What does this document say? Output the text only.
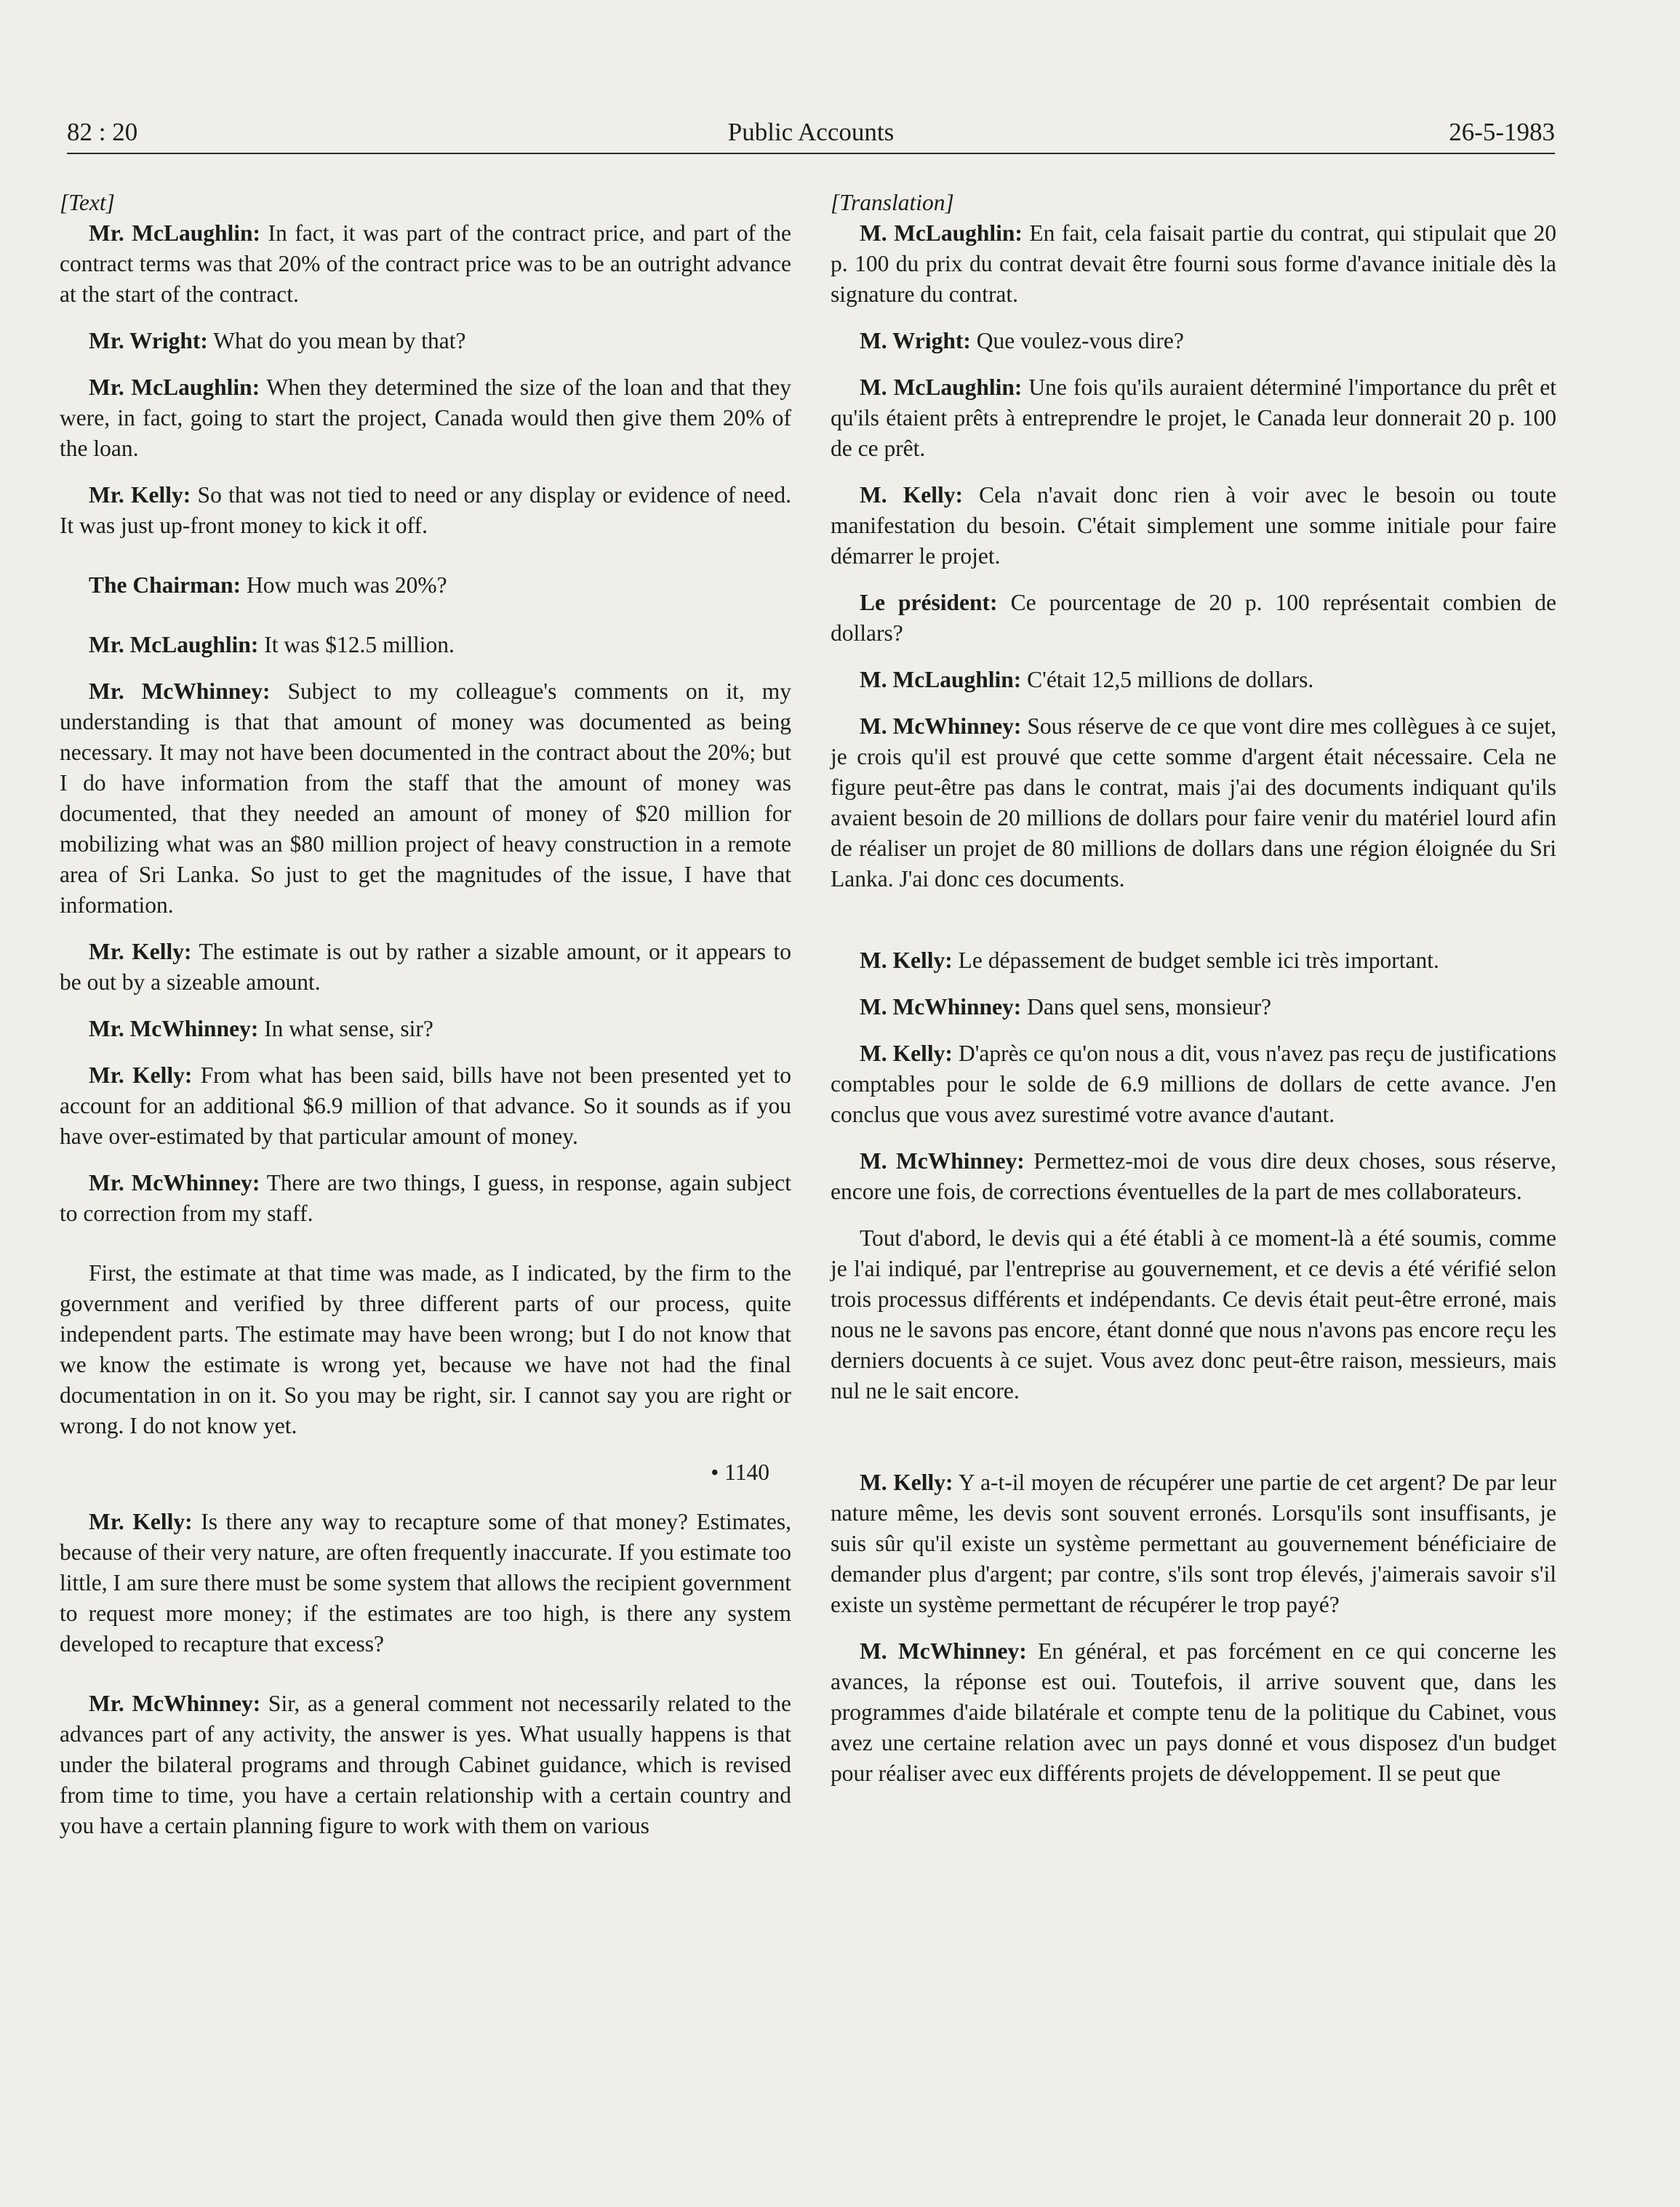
82 : 20	Public Accounts	26-5-1983

[Text]

Mr. McLaughlin: In fact, it was part of the contract price, and part of the contract terms was that 20% of the contract price was to be an outright advance at the start of the contract.

Mr. Wright: What do you mean by that?

Mr. McLaughlin: When they determined the size of the loan and that they were, in fact, going to start the project, Canada would then give them 20% of the loan.

Mr. Kelly: So that was not tied to need or any display or evidence of need. It was just up-front money to kick it off.

The Chairman: How much was 20%?

Mr. McLaughlin: It was $12.5 million.

Mr. McWhinney: Subject to my colleague's comments on it, my understanding is that that amount of money was documented as being necessary. It may not have been documented in the contract about the 20%; but I do have information from the staff that the amount of money was documented, that they needed an amount of money of $20 million for mobilizing what was an $80 million project of heavy construction in a remote area of Sri Lanka. So just to get the magnitudes of the issue, I have that information.

Mr. Kelly: The estimate is out by rather a sizable amount, or it appears to be out by a sizeable amount.

Mr. McWhinney: In what sense, sir?

Mr. Kelly: From what has been said, bills have not been presented yet to account for an additional $6.9 million of that advance. So it sounds as if you have over-estimated by that particular amount of money.

Mr. McWhinney: There are two things, I guess, in response, again subject to correction from my staff.

First, the estimate at that time was made, as I indicated, by the firm to the government and verified by three different parts of our process, quite independent parts. The estimate may have been wrong; but I do not know that we know the estimate is wrong yet, because we have not had the final documentation in on it. So you may be right, sir. I cannot say you are right or wrong. I do not know yet.

• 1140

Mr. Kelly: Is there any way to recapture some of that money? Estimates, because of their very nature, are often frequently inaccurate. If you estimate too little, I am sure there must be some system that allows the recipient government to request more money; if the estimates are too high, is there any system developed to recapture that excess?

Mr. McWhinney: Sir, as a general comment not necessarily related to the advances part of any activity, the answer is yes. What usually happens is that under the bilateral programs and through Cabinet guidance, which is revised from time to time, you have a certain relationship with a certain country and you have a certain planning figure to work with them on various

[Translation]

M. McLaughlin: En fait, cela faisait partie du contrat, qui stipulait que 20 p. 100 du prix du contrat devait être fourni sous forme d'avance initiale dès la signature du contrat.

M. Wright: Que voulez-vous dire?

M. McLaughlin: Une fois qu'ils auraient déterminé l'importance du prêt et qu'ils étaient prêts à entreprendre le projet, le Canada leur donnerait 20 p. 100 de ce prêt.

M. Kelly: Cela n'avait donc rien à voir avec le besoin ou toute manifestation du besoin. C'était simplement une somme initiale pour faire démarrer le projet.

Le président: Ce pourcentage de 20 p. 100 représentait combien de dollars?

M. McLaughlin: C'était 12,5 millions de dollars.

M. McWhinney: Sous réserve de ce que vont dire mes collègues à ce sujet, je crois qu'il est prouvé que cette somme d'argent était nécessaire. Cela ne figure peut-être pas dans le contrat, mais j'ai des documents indiquant qu'ils avaient besoin de 20 millions de dollars pour faire venir du matériel lourd afin de réaliser un projet de 80 millions de dollars dans une région éloignée du Sri Lanka. J'ai donc ces documents.

M. Kelly: Le dépassement de budget semble ici très important.

M. McWhinney: Dans quel sens, monsieur?

M. Kelly: D'après ce qu'on nous a dit, vous n'avez pas reçu de justifications comptables pour le solde de 6.9 millions de dollars de cette avance. J'en conclus que vous avez surestimé votre avance d'autant.

M. McWhinney: Permettez-moi de vous dire deux choses, sous réserve, encore une fois, de corrections éventuelles de la part de mes collaborateurs.

Tout d'abord, le devis qui a été établi à ce moment-là a été soumis, comme je l'ai indiqué, par l'entreprise au gouvernement, et ce devis a été vérifié selon trois processus différents et indépendants. Ce devis était peut-être erroné, mais nous ne le savons pas encore, étant donné que nous n'avons pas encore reçu les derniers docuents à ce sujet. Vous avez donc peut-être raison, messieurs, mais nul ne le sait encore.

M. Kelly: Y a-t-il moyen de récupérer une partie de cet argent? De par leur nature même, les devis sont souvent erronés. Lorsqu'ils sont insuffisants, je suis sûr qu'il existe un système permettant au gouvernement bénéficiaire de demander plus d'argent; par contre, s'ils sont trop élevés, j'aimerais savoir s'il existe un système permettant de récupérer le trop payé?

M. McWhinney: En général, et pas forcément en ce qui concerne les avances, la réponse est oui. Toutefois, il arrive souvent que, dans les programmes d'aide bilatérale et compte tenu de la politique du Cabinet, vous avez une certaine relation avec un pays donné et vous disposez d'un budget pour réaliser avec eux différents projets de développement. Il se peut que
